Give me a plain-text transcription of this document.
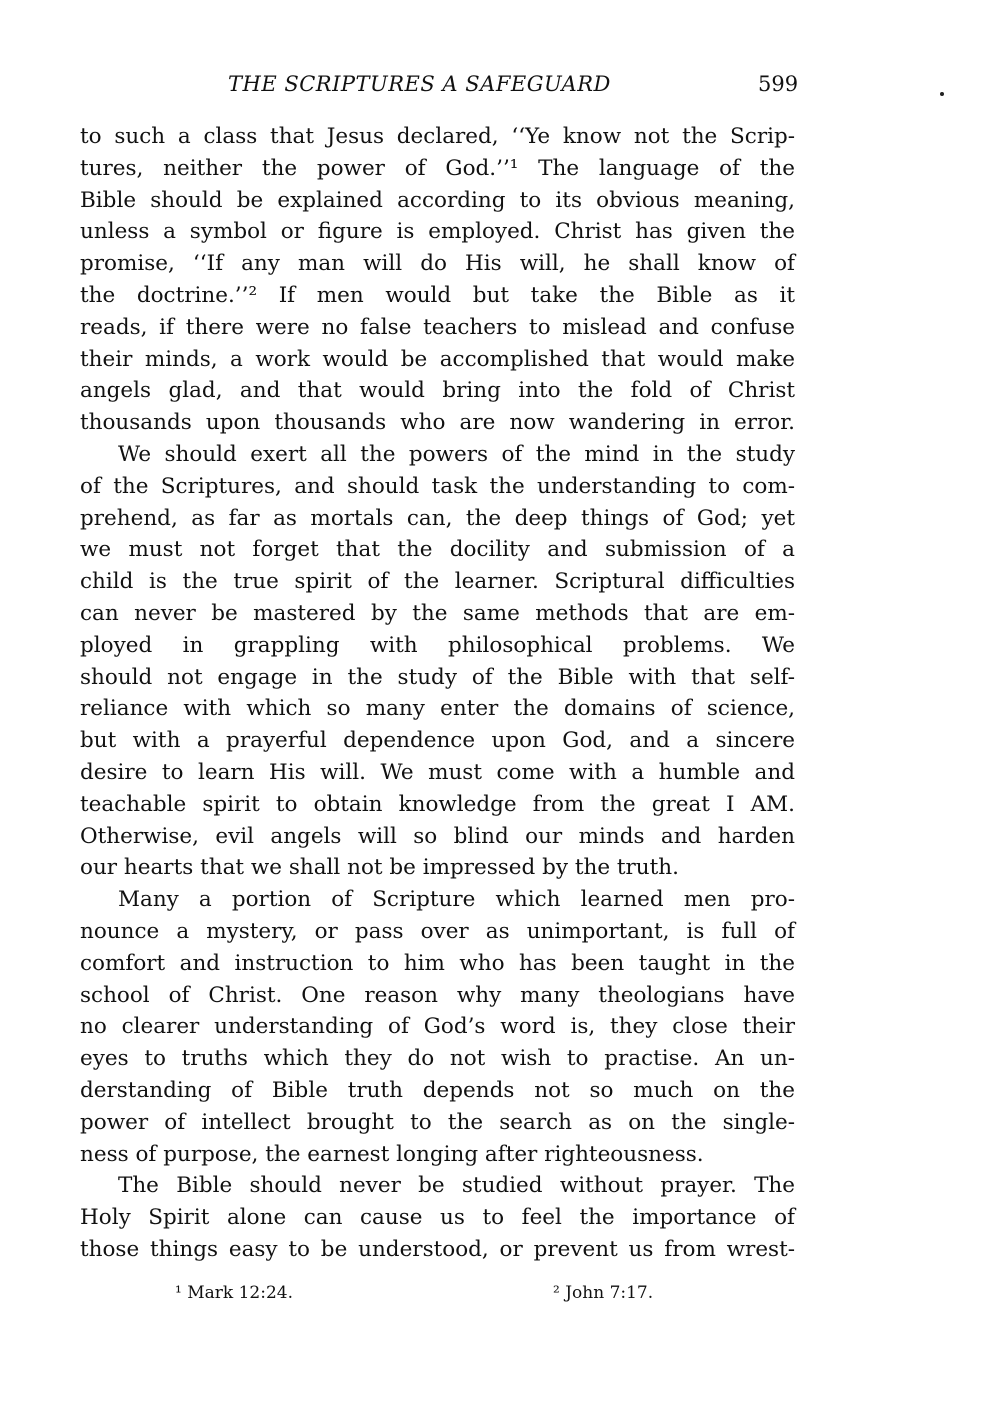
THE SCRIPTURES A SAFEGUARD	599
to such a class that Jesus declared, ‘‘Ye know not the Scrip-
tures, neither the power of God.’’¹ The language of the
Bible should be explained according to its obvious meaning,
unless a symbol or figure is employed. Christ has given the
promise, ‘‘If any man will do His will, he shall know of
the doctrine.’’² If men would but take the Bible as it
reads, if there were no false teachers to mislead and confuse
their minds, a work would be accomplished that would make
angels glad, and that would bring into the fold of Christ
thousands upon thousands who are now wandering in error.
We should exert all the powers of the mind in the study
of the Scriptures, and should task the understanding to com-
prehend, as far as mortals can, the deep things of God; yet
we must not forget that the docility and submission of a
child is the true spirit of the learner. Scriptural difficulties
can never be mastered by the same methods that are em-
ployed in grappling with philosophical problems. We
should not engage in the study of the Bible with that self-
reliance with which so many enter the domains of science,
but with a prayerful dependence upon God, and a sincere
desire to learn His will. We must come with a humble and
teachable spirit to obtain knowledge from the great I AM.
Otherwise, evil angels will so blind our minds and harden
our hearts that we shall not be impressed by the truth.
Many a portion of Scripture which learned men pro-
nounce a mystery, or pass over as unimportant, is full of
comfort and instruction to him who has been taught in the
school of Christ. One reason why many theologians have
no clearer understanding of God’s word is, they close their
eyes to truths which they do not wish to practise. An un-
derstanding of Bible truth depends not so much on the
power of intellect brought to the search as on the single-
ness of purpose, the earnest longing after righteousness.
The Bible should never be studied without prayer. The
Holy Spirit alone can cause us to feel the importance of
those things easy to be understood, or prevent us from wrest-
¹ Mark 12:24.	² John 7:17.
